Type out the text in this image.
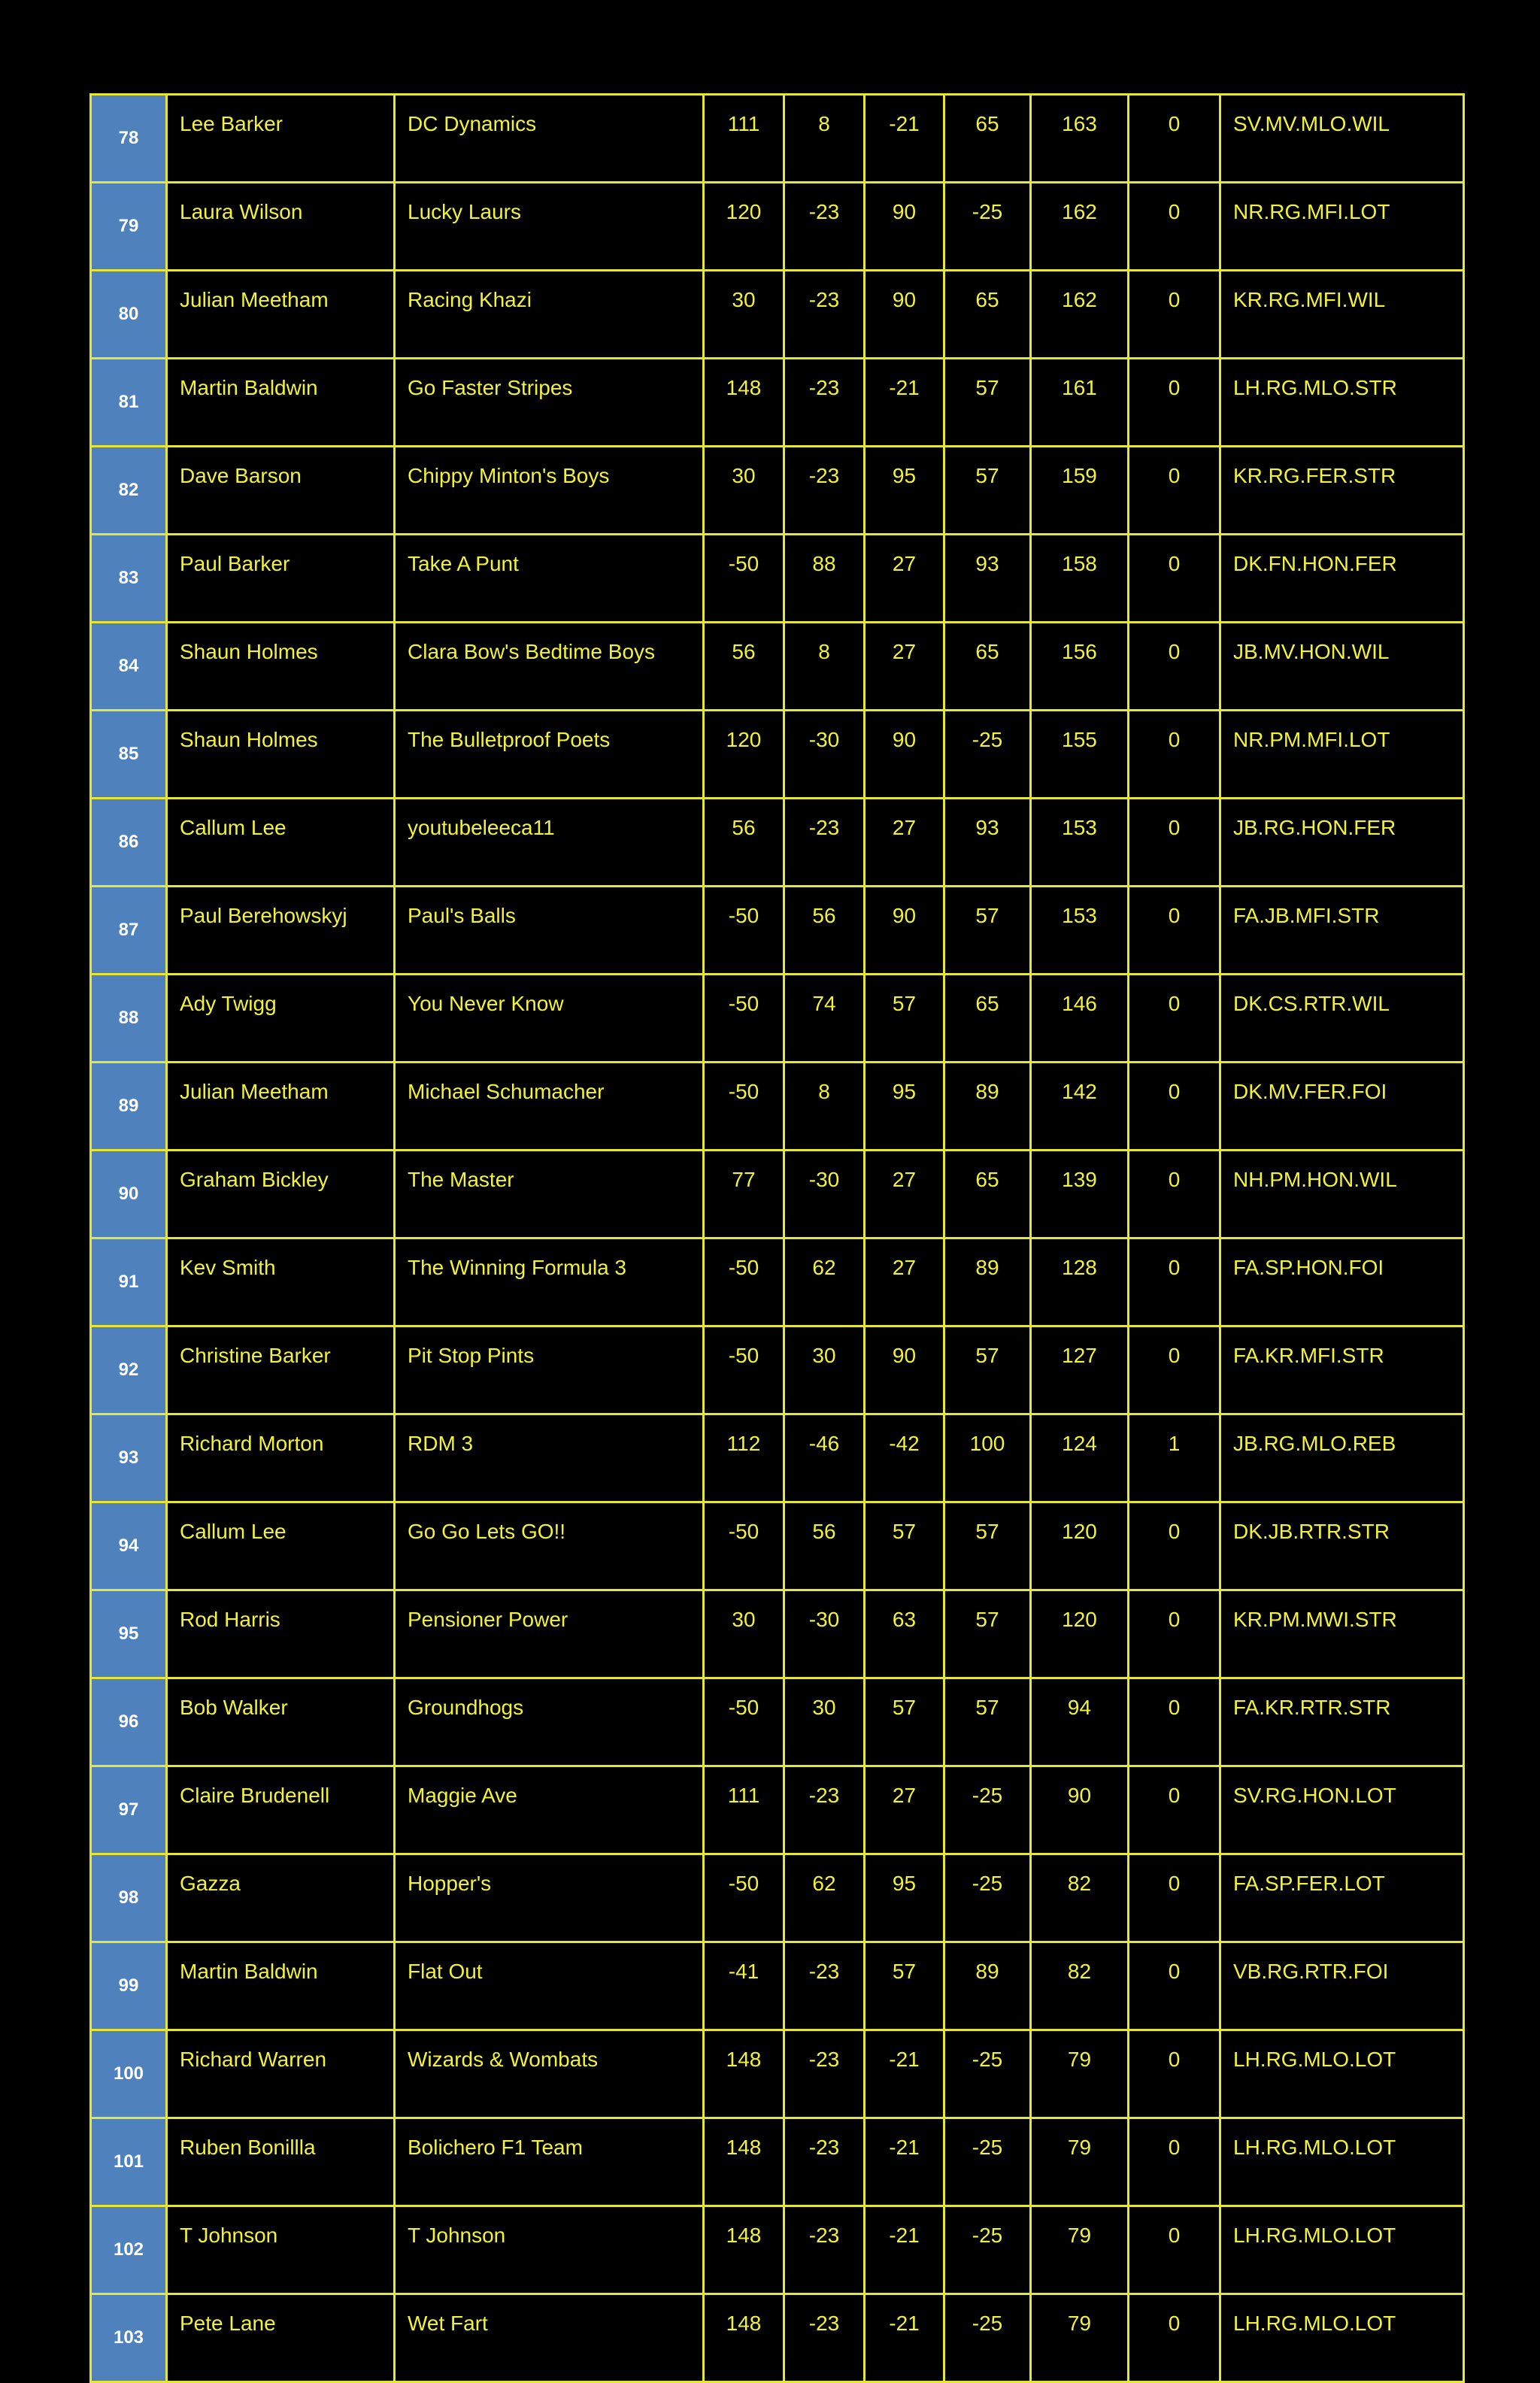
78	Lee Barker	DC Dynamics	111	8	-21	65	163	0	SV.MV.MLO.WIL
79	Laura Wilson	Lucky Laurs	120	-23	90	-25	162	0	NR.RG.MFI.LOT
80	Julian Meetham	Racing Khazi	30	-23	90	65	162	0	KR.RG.MFI.WIL
81	Martin Baldwin	Go Faster Stripes	148	-23	-21	57	161	0	LH.RG.MLO.STR
82	Dave Barson	Chippy Minton's Boys	30	-23	95	57	159	0	KR.RG.FER.STR
83	Paul Barker	Take A Punt	-50	88	27	93	158	0	DK.FN.HON.FER
84	Shaun Holmes	Clara Bow's Bedtime Boys	56	8	27	65	156	0	JB.MV.HON.WIL
85	Shaun Holmes	The Bulletproof Poets	120	-30	90	-25	155	0	NR.PM.MFI.LOT
86	Callum Lee	youtubeleeca11	56	-23	27	93	153	0	JB.RG.HON.FER
87	Paul Berehowskyj	Paul's Balls	-50	56	90	57	153	0	FA.JB.MFI.STR
88	Ady Twigg	You Never Know	-50	74	57	65	146	0	DK.CS.RTR.WIL
89	Julian Meetham	Michael Schumacher	-50	8	95	89	142	0	DK.MV.FER.FOI
90	Graham Bickley	The Master	77	-30	27	65	139	0	NH.PM.HON.WIL
91	Kev Smith	The Winning Formula 3	-50	62	27	89	128	0	FA.SP.HON.FOI
92	Christine Barker	Pit Stop Pints	-50	30	90	57	127	0	FA.KR.MFI.STR
93	Richard Morton	RDM 3	112	-46	-42	100	124	1	JB.RG.MLO.REB
94	Callum Lee	Go Go Lets GO!!	-50	56	57	57	120	0	DK.JB.RTR.STR
95	Rod Harris	Pensioner Power	30	-30	63	57	120	0	KR.PM.MWI.STR
96	Bob Walker	Groundhogs	-50	30	57	57	94	0	FA.KR.RTR.STR
97	Claire Brudenell	Maggie Ave	111	-23	27	-25	90	0	SV.RG.HON.LOT
98	Gazza	Hopper's	-50	62	95	-25	82	0	FA.SP.FER.LOT
99	Martin Baldwin	Flat Out	-41	-23	57	89	82	0	VB.RG.RTR.FOI
100	Richard Warren	Wizards & Wombats	148	-23	-21	-25	79	0	LH.RG.MLO.LOT
101	Ruben Bonillla	Bolichero F1 Team	148	-23	-21	-25	79	0	LH.RG.MLO.LOT
102	T Johnson	T Johnson	148	-23	-21	-25	79	0	LH.RG.MLO.LOT
103	Pete Lane	Wet Fart	148	-23	-21	-25	79	0	LH.RG.MLO.LOT
